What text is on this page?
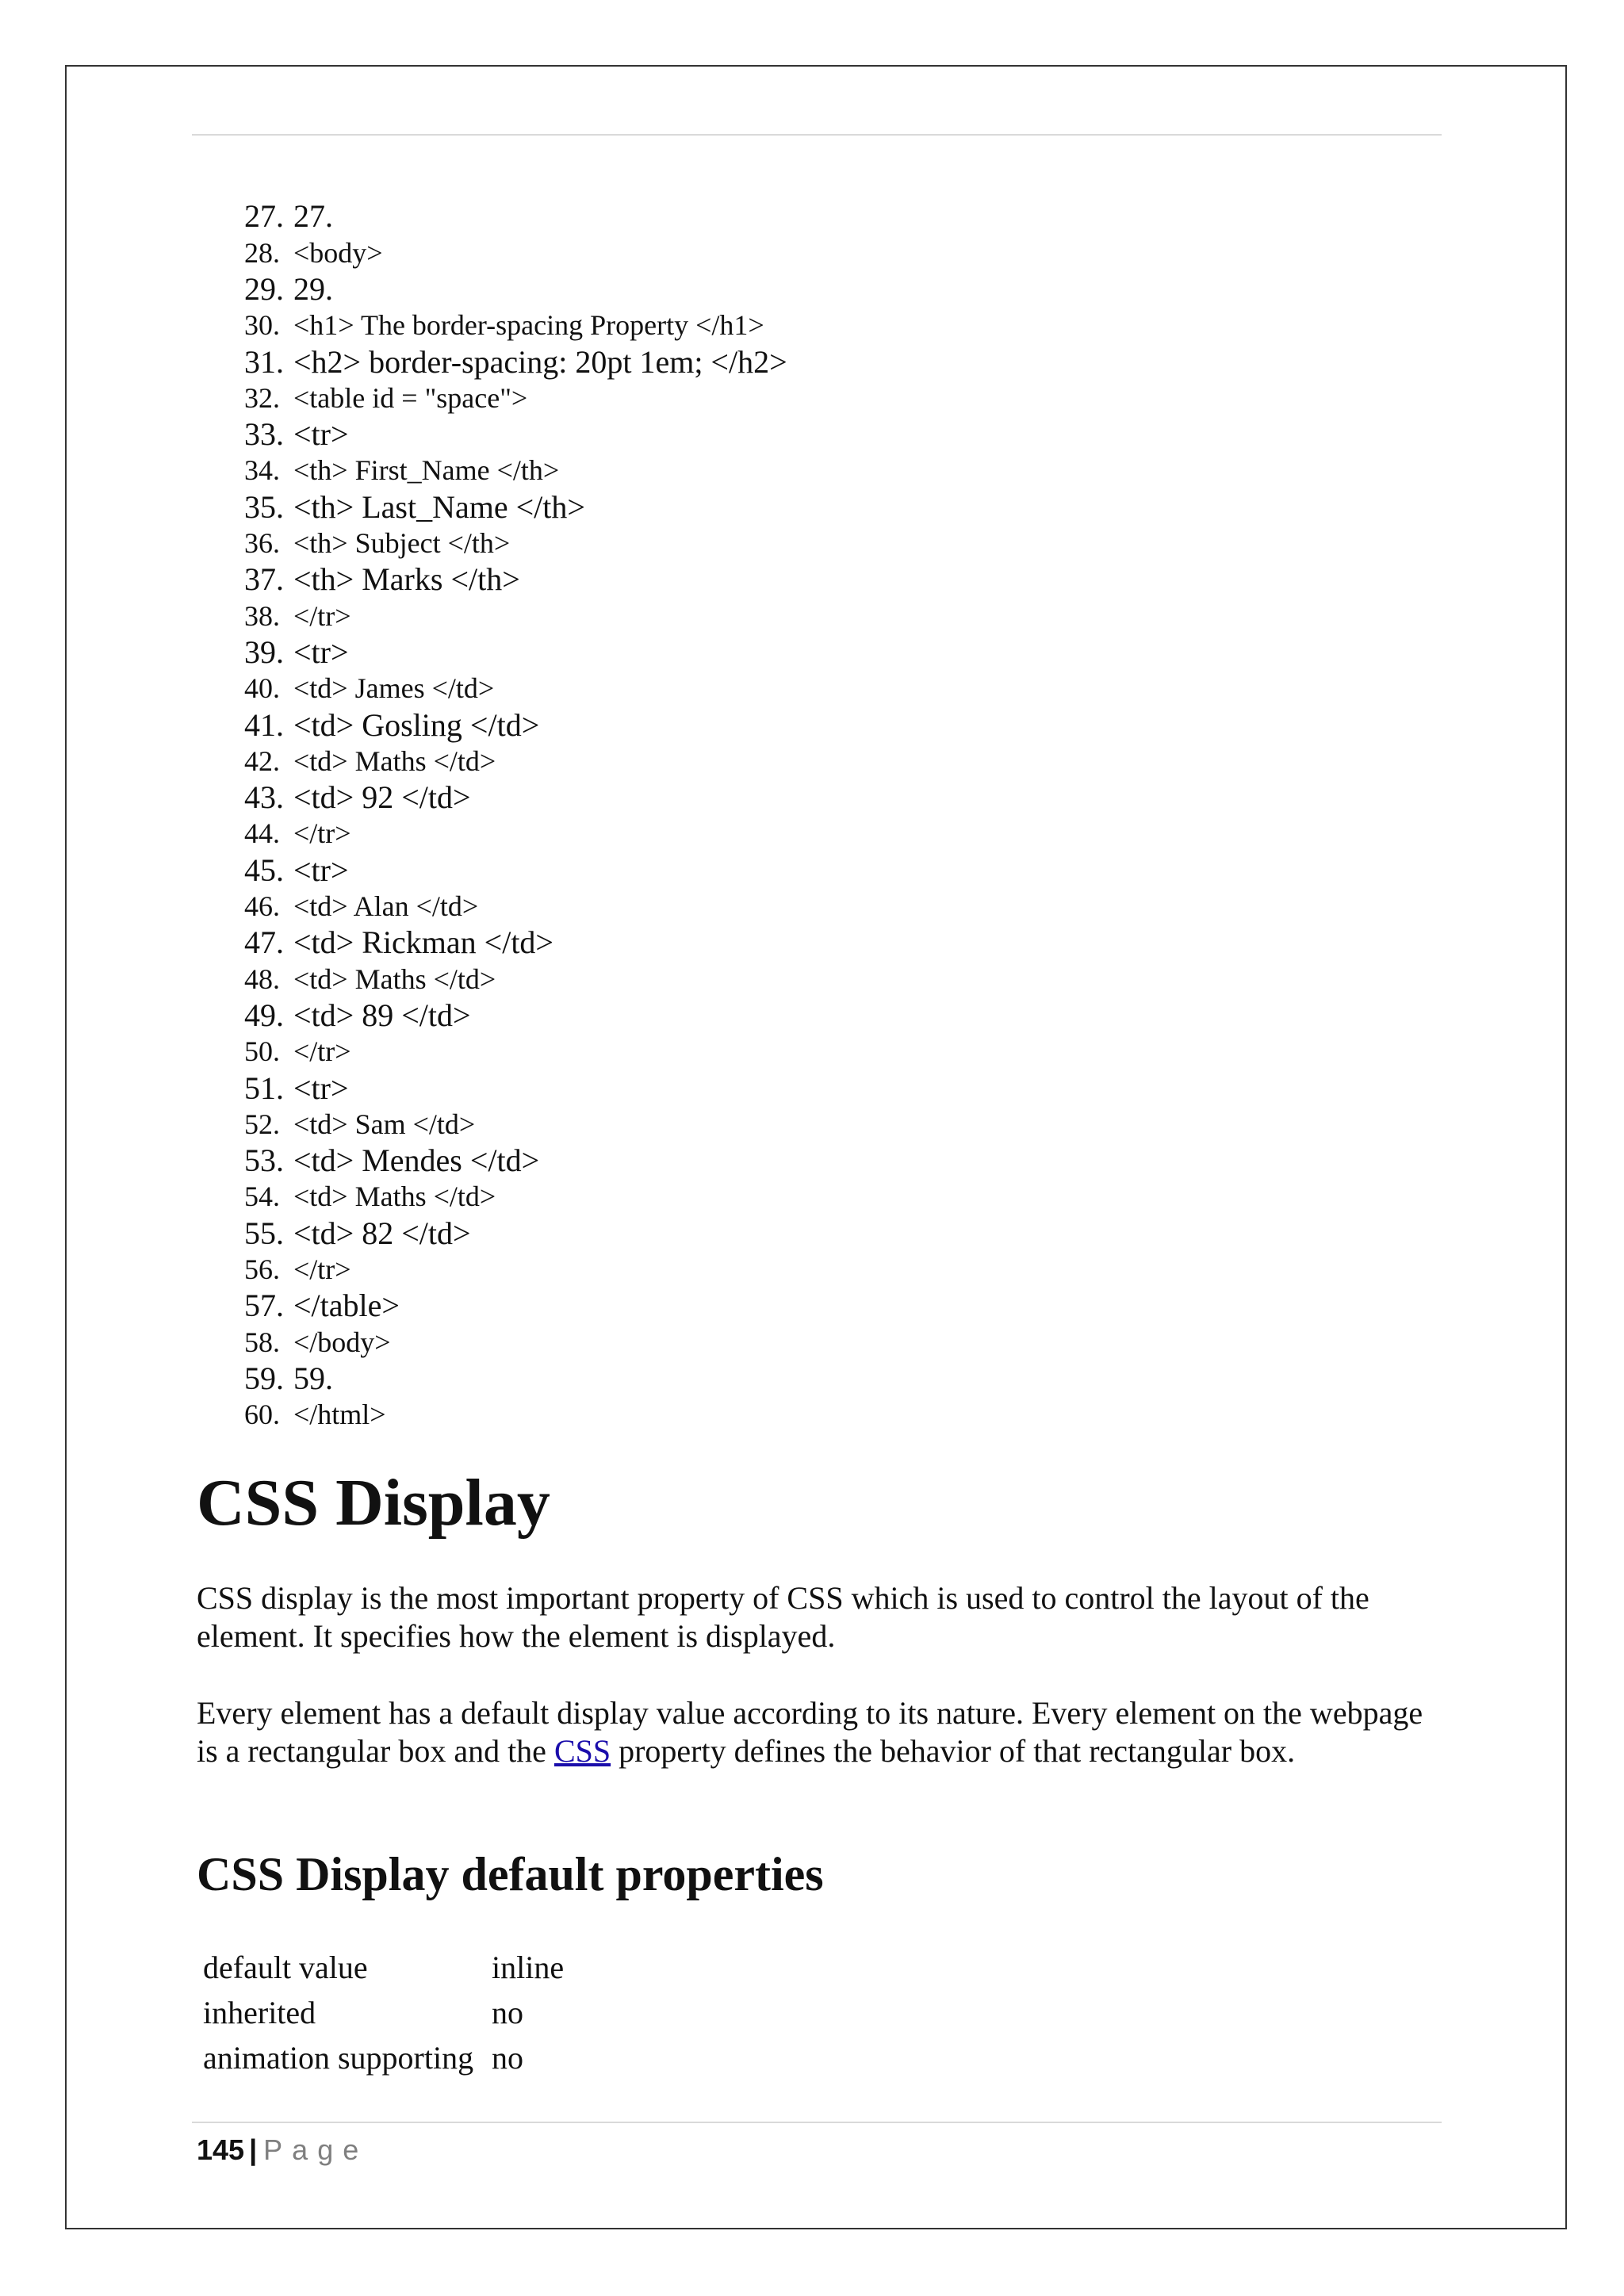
27. 27.
28. <body>
29. 29.
30. <h1> The border-spacing Property </h1>
31. <h2> border-spacing: 20pt 1em; </h2>
32. <table id = "space">
33. <tr>
34. <th> First_Name </th>
35. <th> Last_Name </th>
36. <th> Subject </th>
37. <th> Marks </th>
38. </tr>
39. <tr>
40. <td> James </td>
41. <td> Gosling </td>
42. <td> Maths </td>
43. <td> 92 </td>
44. </tr>
45. <tr>
46. <td> Alan </td>
47. <td> Rickman </td>
48. <td> Maths </td>
49. <td> 89 </td>
50. </tr>
51. <tr>
52. <td> Sam </td>
53. <td> Mendes </td>
54. <td> Maths </td>
55. <td> 82 </td>
56. </tr>
57. </table>
58. </body>
59. 59.
60. </html>
CSS Display

CSS display is the most important property of CSS which is used to control the layout of the element. It specifies how the element is displayed.

Every element has a default display value according to its nature. Every element on the webpage is a rectangular box and the CSS property defines the behavior of that rectangular box.

CSS Display default properties
default value	inline
inherited	no
animation supporting	no
145 | Page
